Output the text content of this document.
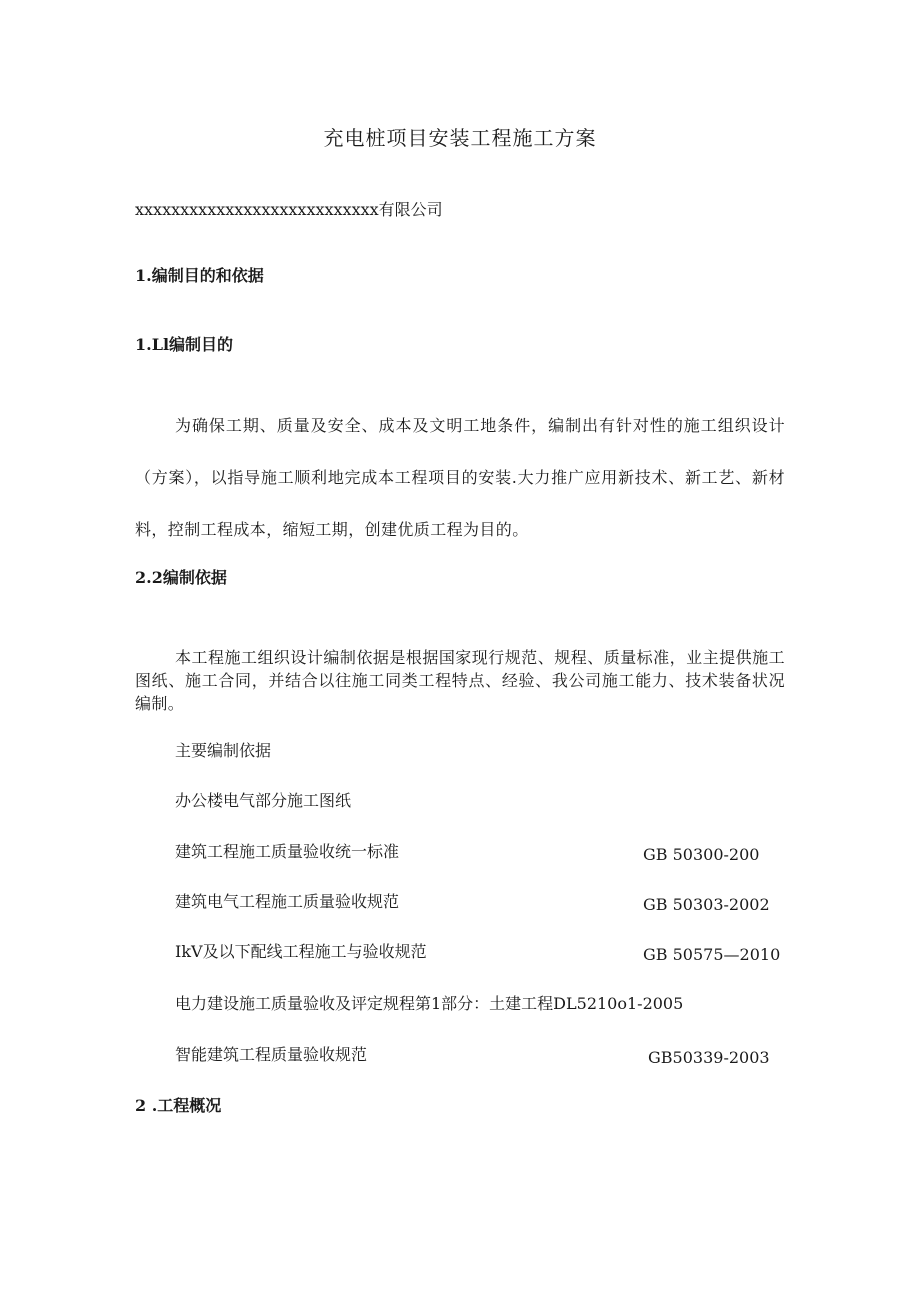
充电桩项目安装工程施工方案
xxxxxxxxxxxxxxxxxxxxxxxxxxx有限公司
1.编制目的和依据
1.Ll编制目的
为确保工期、质量及安全、成本及文明工地条件，编制出有针对性的施工组织设计（方案），以指导施工顺利地完成本工程项目的安装.大力推广应用新技术、新工艺、新材料，控制工程成本，缩短工期，创建优质工程为目的。
2.2编制依据
本工程施工组织设计编制依据是根据国家现行规范、规程、质量标准，业主提供施工图纸、施工合同，并结合以往施工同类工程特点、经验、我公司施工能力、技术装备状况编制。
主要编制依据
办公楼电气部分施工图纸
建筑工程施工质量验收统一标准	GB 50300-200
建筑电气工程施工质量验收规范	GB 50303-2002
IkV及以下配线工程施工与验收规范	GB 50575—2010
电力建设施工质量验收及评定规程第1部分：土建工程DL5210o1-2005
智能建筑工程质量验收规范	GB50339-2003
2 .工程概况
